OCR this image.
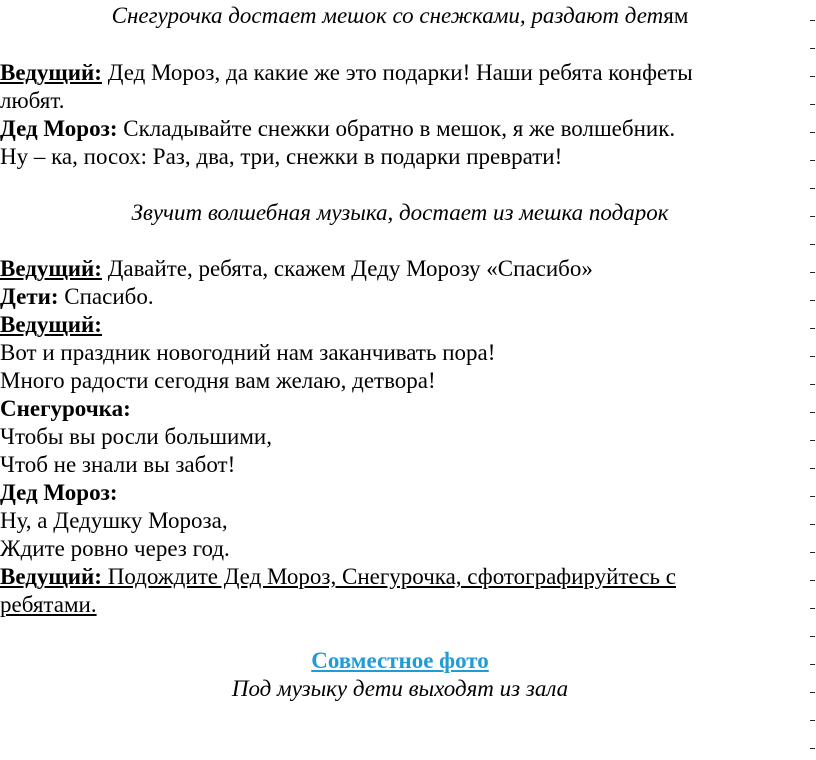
Снегурочка достает мешок со снежками, раздают детям
Ведущий: Дед Мороз, да какие же это подарки! Наши ребята конфеты
любят.
Дед Мороз: Складывайте снежки обратно в мешок, я же волшебник.
Ну – ка, посох: Раз, два, три, снежки в подарки преврати!
Звучит волшебная музыка, достает из мешка подарок
Ведущий: Давайте, ребята, скажем Деду Морозу «Спасибо»
Дети: Спасибо.
Ведущий:
Вот и праздник новогодний нам заканчивать пора!
Много радости сегодня вам желаю, детвора!
Снегурочка:
Чтобы вы росли большими,
Чтоб не знали вы забот!
Дед Мороз:
Ну, а Дедушку Мороза,
Ждите ровно через год.
Ведущий: Подождите Дед Мороз, Снегурочка, сфотографируйтесь с
ребятами.
Совместное фото
Под музыку дети выходят из зала
